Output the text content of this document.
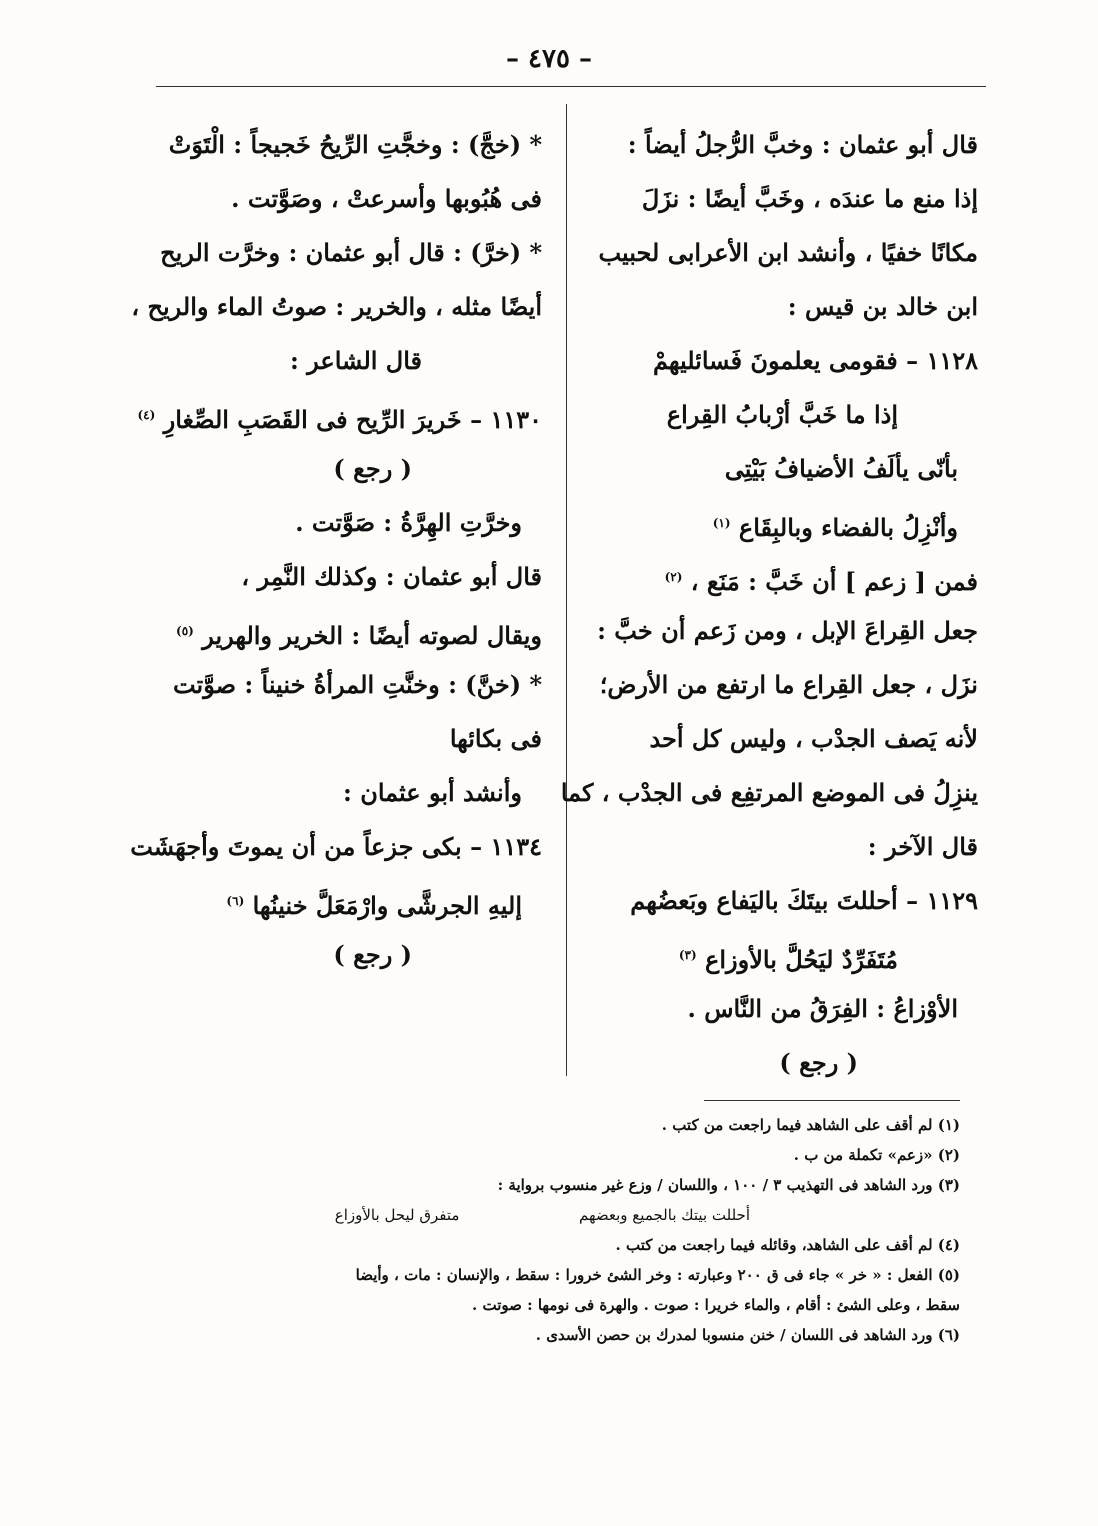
– ٤٧٥ –
قال أبو عثمان : وخبَّ الرُّجلُ أيضاً :
إذا منع ما عندَه ، وخَبَّ أيضًا : نزَلَ
مكانًا خفيًا ، وأنشد ابن الأعرابى لحبيب
ابن خالد بن قيس :
١١٢٨ – فقومى يعلمونَ فَسائليهمْ
إذا ما خَبَّ أرْبابُ القِراع
بأنّى يألَفُ الأضيافُ بَيْتِى
وأنْزِلُ بالفضاء وبالبِقَاع $^{(١)}$
فمن [ زعم ] أن خَبَّ : مَنَع ، $^{(٢)}$
جعل القِراعَ الإبل ، ومن زَعم أن خبَّ :
نزَل ، جعل القِراع ما ارتفع من الأرض؛
لأنه يَصف الجدْب ، وليس كل أحد
ينزِلُ فى الموضع المرتفِع فى الجدْب ، كما
قال الآخر :
١١٢٩ – أحللتَ بيتَكَ باليَفاع وبَعضُهم
مُتَفَرِّدٌ ليَحُلَّ بالأوزاع $^{(٣)}$
الأوْزاعُ : الفِرَقُ من النَّاس .
( رجع )
* (خجَّ) : وخجَّتِ الرِّيحُ خَجيجاً : الْتَوَتْ
فى هُبُوبها وأسرعتْ ، وصَوَّتت .
* (خرَّ) : قال أبو عثمان : وخرَّت الريح
أيضًا مثله ، والخرير : صوتُ الماء والريح ،
قال الشاعر :
١١٣٠ – خَريرَ الرِّيح فى القَصَبِ الصِّغارِ $^{(٤)}$
( رجع )
وخرَّتِ الهِرَّةُ : صَوَّتت .
قال أبو عثمان : وكذلك النَّمِر ،
ويقال لصوته أيضًا : الخرير والهرير $^{(٥)}$
* (خنَّ) : وخنَّتِ المرأةُ خنيناً : صوَّتت
فى بكائها
وأنشد أبو عثمان :
١١٣٤ – بكى جزعاً من أن يموتَ وأجهَشَت
إليهِ الجرشَّى وارْمَعَلَّ خنينُها $^{(٦)}$
( رجع )
(١) لم أقف على الشاهد فيما راجعت من كتب .
(٢) «زعم» تكملة من ب .
(٣) ورد الشاهد فى التهذيب ٣ / ١٠٠ ، واللسان / وزع غير منسوب برواية :
أحللت بيتك بالجميع وبعضهم  متفرق ليحل بالأوزاع
(٤) لم أقف على الشاهد، وقائله فيما راجعت من كتب .
(٥) الفعل : « خر » جاء فى ق ٢٠٠ وعبارته : وخر الشئ خرورا : سقط ، والإنسان : مات ، وأيضا
سقط ، وعلى الشئ : أقام ، والماء خريرا : صوت . والهرة فى نومها : صوتت .
(٦) ورد الشاهد فى اللسان / خنن منسوبا لمدرك بن حصن الأسدى .
